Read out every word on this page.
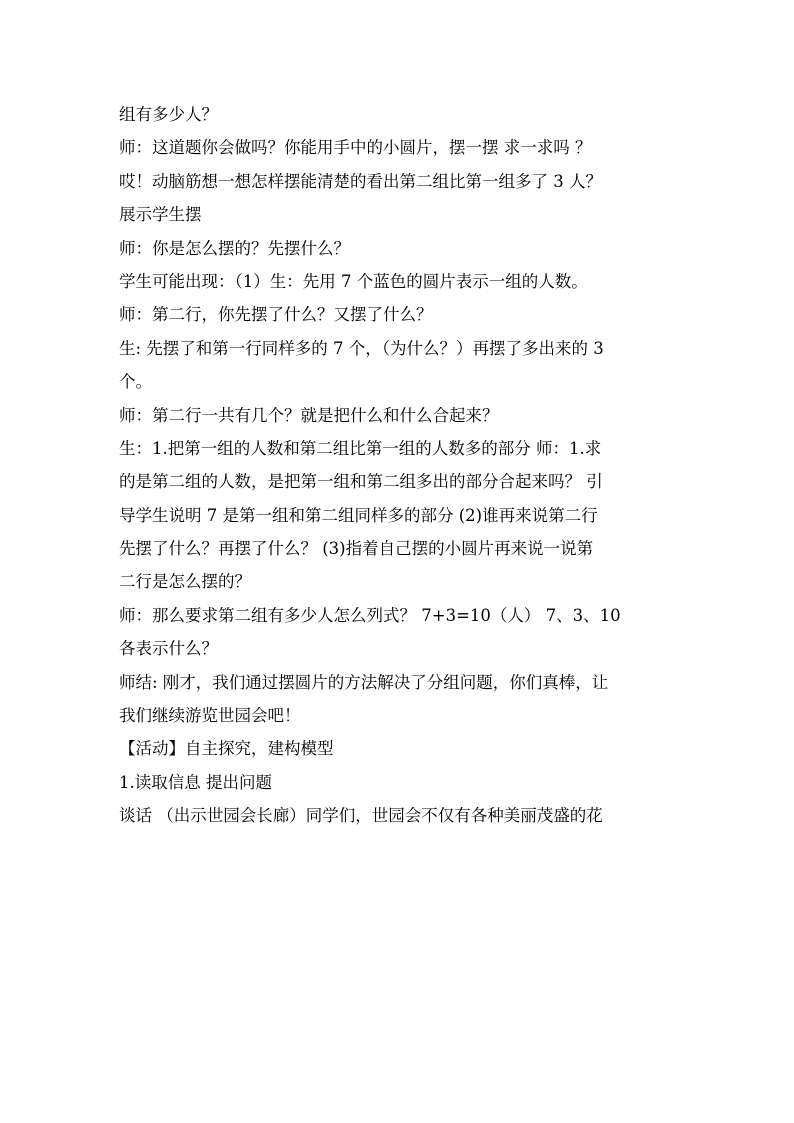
组有多少人？
师：这道题你会做吗？你能用手中的小圆片，摆一摆 求一求吗 ？
哎！动脑筋想一想怎样摆能清楚的看出第二组比第一组多了 3 人？
展示学生摆
师：你是怎么摆的？先摆什么？
学生可能出现：（1）生：先用 7 个蓝色的圆片表示一组的人数。
师：第二行，你先摆了什么？又摆了什么？
生: 先摆了和第一行同样多的 7 个，（为什么？）再摆了多出来的 3
个。
师：第二行一共有几个？就是把什么和什么合起来？
生：1.把第一组的人数和第二组比第一组的人数多的部分 师：1.求
的是第二组的人数，是把第一组和第二组多出的部分合起来吗？ 引
导学生说明 7 是第一组和第二组同样多的部分 (2)谁再来说第二行
先摆了什么？再摆了什么？ (3)指着自己摆的小圆片再来说一说第
二行是怎么摆的？
师：那么要求第二组有多少人怎么列式？ 7+3=10（人） 7、3、10
各表示什么？
师结: 刚才，我们通过摆圆片的方法解决了分组问题，你们真棒，让
我们继续游览世园会吧！
【活动】自主探究，建构模型
1.读取信息 提出问题
谈话 （出示世园会长廊）同学们，世园会不仅有各种美丽茂盛的花
